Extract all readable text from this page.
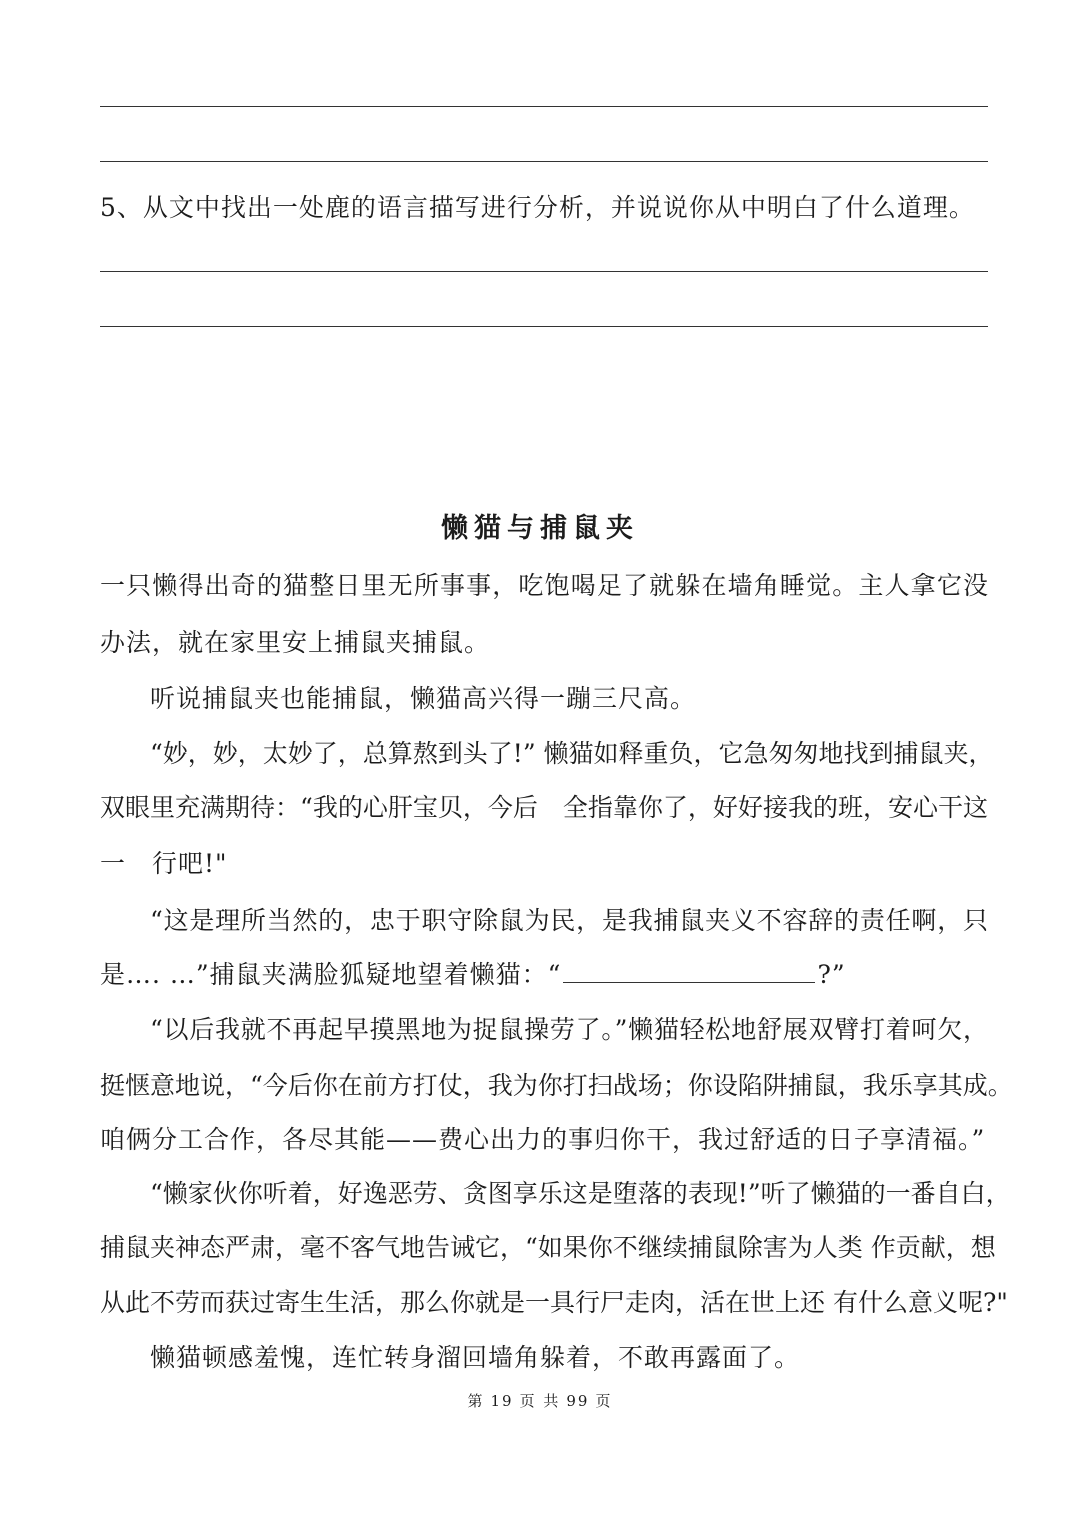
5、从文中找出一处鹿的语言描写进行分析，并说说你从中明白了什么道理。
懒猫与捕鼠夹
一只懒得出奇的猫整日里无所事事，吃饱喝足了就躲在墙角睡觉。主人拿它没
办法，就在家里安上捕鼠夹捕鼠。
听说捕鼠夹也能捕鼠，懒猫高兴得一蹦三尺高。
“妙，妙，太妙了，总算熬到头了!” 懒猫如释重负，它急匆匆地找到捕鼠夹，
双眼里充满期待：“我的心肝宝贝，今后　全指靠你了，好好接我的班，安心干这
一　行吧!"
“这是理所当然的，忠于职守除鼠为民，是我捕鼠夹义不容辞的责任啊，只
是…. …”捕鼠夹满脸狐疑地望着懒猫：“	?”
“以后我就不再起早摸黑地为捉鼠操劳了。”懒猫轻松地舒展双臂打着呵欠，
挺惬意地说，“今后你在前方打仗，我为你打扫战场；你设陷阱捕鼠，我乐享其成。
咱俩分工合作，各尽其能——费心出力的事归你干，我过舒适的日子享清福。”
“懒家伙你听着，好逸恶劳、贪图享乐这是堕落的表现!”听了懒猫的一番自白，
捕鼠夹神态严肃，毫不客气地告诫它，“如果你不继续捕鼠除害为人类 作贡献，想
从此不劳而获过寄生生活，那么你就是一具行尸走肉，活在世上还 有什么意义呢?"
懒猫顿感羞愧，连忙转身溜回墙角躲着，不敢再露面了。
第 19 页 共 99 页
